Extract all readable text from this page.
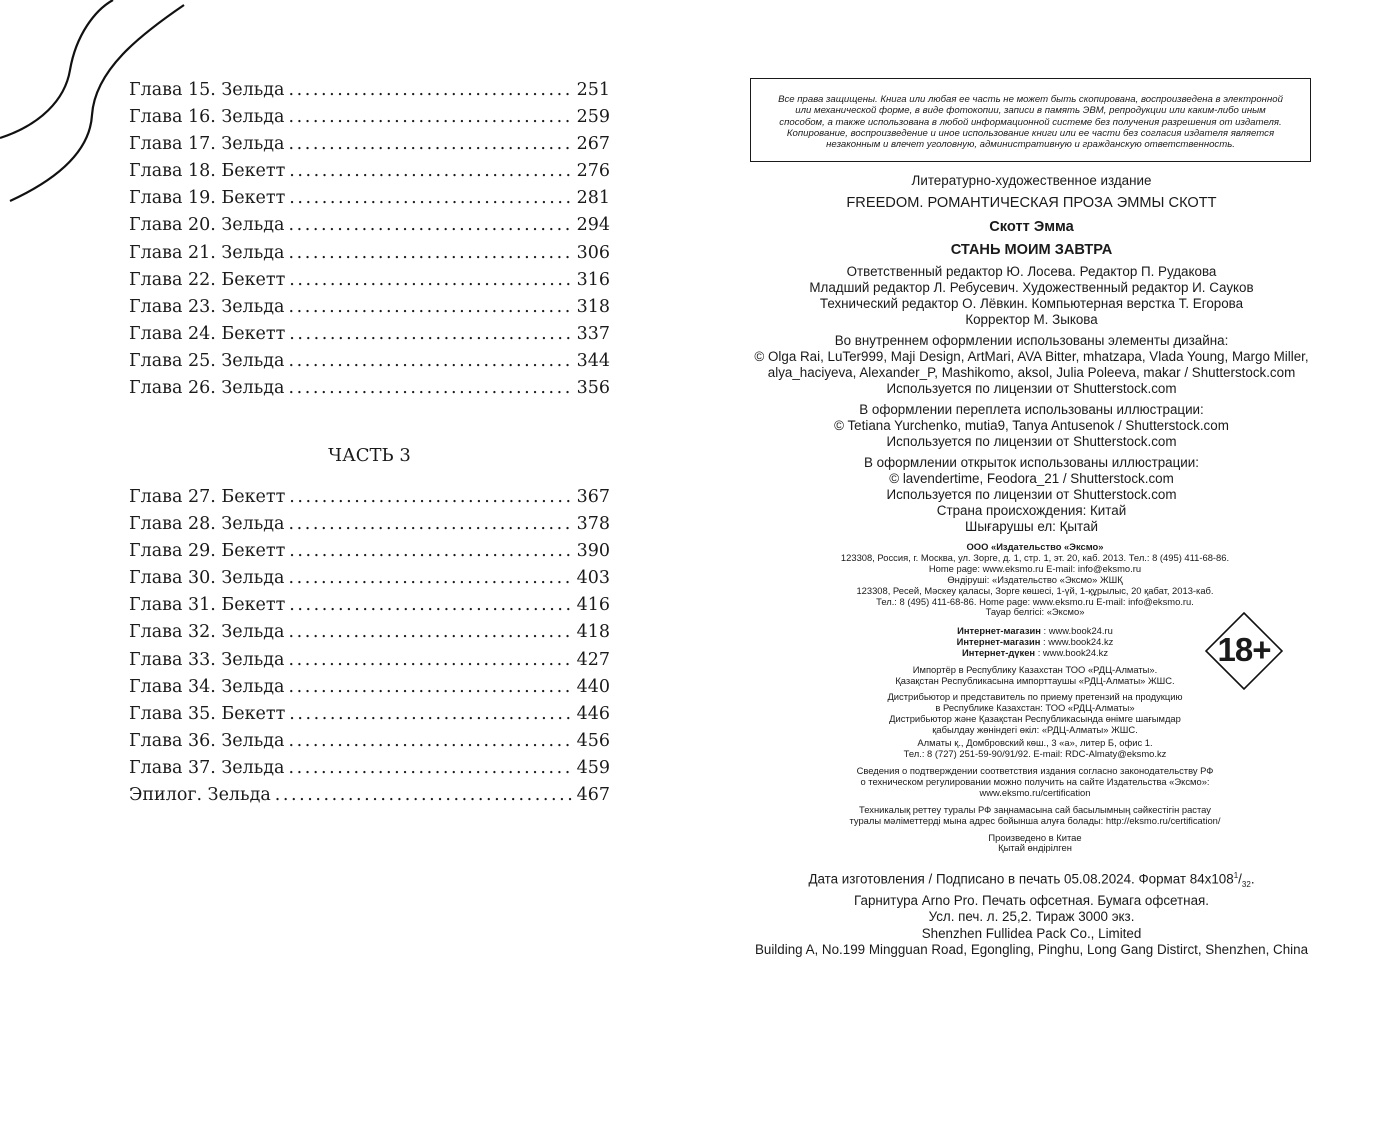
Глава 15. Зельда . . .	251
Глава 16. Зельда . . .	259
Глава 17. Зельда . . .	267
Глава 18. Бекетт . . .	276
Глава 19. Бекетт . . .	281
Глава 20. Зельда . . .	294
Глава 21. Зельда . . .	306
Глава 22. Бекетт . . .	316
Глава 23. Зельда . . .	318
Глава 24. Бекетт . . .	337
Глава 25. Зельда . . .	344
Глава 26. Зельда . . .	356
ЧАСТЬ 3
Глава 27. Бекетт . . .	367
Глава 28. Зельда . . .	378
Глава 29. Бекетт . . .	390
Глава 30. Зельда . . .	403
Глава 31. Бекетт . . .	416
Глава 32. Зельда . . .	418
Глава 33. Зельда . . .	427
Глава 34. Зельда . . .	440
Глава 35. Бекетт . . .	446
Глава 36. Зельда . . .	456
Глава 37. Зельда . . .	459
Эпилог. Зельда . . .	467
Все права защищены. Книга или любая ее часть не может быть скопирована, воспроизведена в электронной
или механической форме, в виде фотокопии, записи в память ЭВМ, репродукции или каким-либо иным
способом, а также использована в любой информационной системе без получения разрешения от издателя.
Копирование, воспроизведение и иное использование книги или ее части без согласия издателя является
незаконным и влечет уголовную, административную и гражданскую ответственность.
Литературно-художественное издание
FREEDOM. РОМАНТИЧЕСКАЯ ПРОЗА ЭММЫ СКОТТ
Скотт Эмма
СТАНЬ МОИМ ЗАВТРА
Ответственный редактор Ю. Лосева. Редактор П. Рудакова
Младший редактор Л. Ребусевич. Художественный редактор И. Сауков
Технический редактор О. Лёвкин. Компьютерная верстка Т. Егорова
Корректор М. Зыкова
Во внутреннем оформлении использованы элементы дизайна:
© Olga Rai, LuTer999, Maji Design, ArtMari, AVA Bitter, mhatzapa, Vlada Young, Margo Miller,
alya_haciyeva, Alexander_P, Mashikomo, aksol, Julia Poleeva, makar / Shutterstock.com
Используется по лицензии от Shutterstock.com
В оформлении переплета использованы иллюстрации:
© Tetiana Yurchenko, mutia9, Tanya Antusenok / Shutterstock.com
Используется по лицензии от Shutterstock.com
В оформлении открыток использованы иллюстрации:
© lavendertime, Feodora_21 / Shutterstock.com
Используется по лицензии от Shutterstock.com
Страна происхождения: Китай
Шығарушы ел: Қытай
ООО «Издательство «Эксмо»
123308, Россия, г. Москва, ул. Зорге, д. 1, стр. 1, эт. 20, каб. 2013. Тел.: 8 (495) 411-68-86.
Home page: www.eksmo.ru E-mail: info@eksmo.ru
Өндіруші: «Издательство «Эксмо» ЖШҚ
123308, Ресей, Мәскеу қаласы, Зорге көшесі, 1-үй, 1-құрылыс, 20 қабат, 2013-каб.
Тел.: 8 (495) 411-68-86. Home page: www.eksmo.ru E-mail: info@eksmo.ru.
Тауар белгісі: «Эксмо»
Интернет-магазин : www.book24.ru
Интернет-магазин : www.book24.kz
Интернет-дүкен : www.book24.kz
Импортёр в Республику Казахстан ТОО «РДЦ-Алматы».
Қазақстан Республикасына импорттаушы «РДЦ-Алматы» ЖШС.
Дистрибьютор и представитель по приему претензий на продукцию
в Республике Казахстан: ТОО «РДЦ-Алматы»
Дистрибьютор және Қазақстан Республикасында өнімге шағымдар
қабылдау жөніндегі өкіл: «РДЦ-Алматы» ЖШС.
Алматы қ., Домбровский көш., 3 «а», литер Б, офис 1.
Тел.: 8 (727) 251-59-90/91/92. E-mail: RDC-Almaty@eksmo.kz
Сведения о подтверждении соответствия издания согласно законодательству РФ
о техническом регулировании можно получить на сайте Издательства «Эксмо»:
www.eksmo.ru/certification
Техникалық реттеу туралы РФ заңнамасына сай басылымның сәйкестігін растау
туралы мәліметтерді мына адрес бойынша алуға болады: http://eksmo.ru/certification/
Произведено в Китае
Қытай өндірілген
Дата изготовления / Подписано в печать 05.08.2024. Формат $84x108^1/_{32}$.
Гарнитура Arno Pro. Печать офсетная. Бумага офсетная.
Усл. печ. л. 25,2. Тираж 3000 экз.
Shenzhen Fullidea Pack Co., Limited
Building A, No.199 Mingguan Road, Egongling, Pinghu, Long Gang Distirct, Shenzhen, China
18+
